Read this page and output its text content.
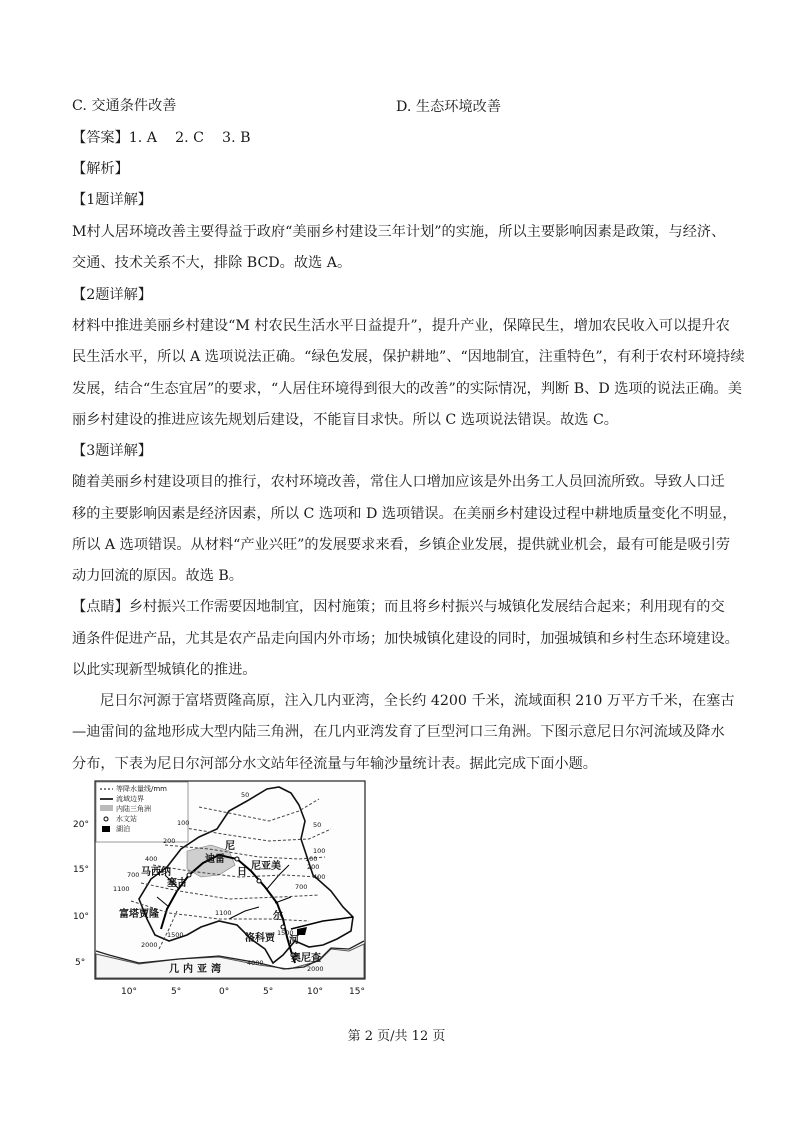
C. 交通条件改善	D. 生态环境改善
【答案】1. A    2. C    3. B
【解析】
【1题详解】
M村人居环境改善主要得益于政府“美丽乡村建设三年计划”的实施，所以主要影响因素是政策，与经济、
交通、技术关系不大，排除 BCD。故选 A。
【2题详解】
材料中推进美丽乡村建设“M 村农民生活水平日益提升”，提升产业，保障民生，增加农民收入可以提升农
民生活水平，所以 A 选项说法正确。“绿色发展，保护耕地”、“因地制宜，注重特色”，有利于农村环境持续
发展，结合“生态宜居”的要求，“人居住环境得到很大的改善”的实际情况，判断 B、D 选项的说法正确。美
丽乡村建设的推进应该先规划后建设，不能盲目求快。所以 C 选项说法错误。故选 C。
【3题详解】
随着美丽乡村建设项目的推行，农村环境改善，常住人口增加应该是外出务工人员回流所致。导致人口迁
移的主要影响因素是经济因素，所以 C 选项和 D 选项错误。在美丽乡村建设过程中耕地质量变化不明显，
所以 A 选项错误。从材料“产业兴旺”的发展要求来看，乡镇企业发展，提供就业机会，最有可能是吸引劳
动力回流的原因。故选 B。
【点睛】乡村振兴工作需要因地制宜，因村施策；而且将乡村振兴与城镇化发展结合起来；利用现有的交
通条件促进产品，尤其是农产品走向国内外市场；加快城镇化建设的同时，加强城镇和乡村生态环境建设。
以此实现新型城镇化的推进。
尼日尔河源于富塔贾隆高原，注入几内亚湾，全长约 4200 千米，流域面积 210 万平方千米，在塞古
—迪雷间的盆地形成大型内陆三角洲，在几内亚湾发育了巨型河口三角洲。下图示意尼日尔河流域及降水
分布，下表为尼日尔河部分水文站年径流量与年输沙量统计表。据此完成下面小题。
等降水量线/mm
流域边界
内陆三角洲
水文站
湖泊
20°
15°
10°
5°
10°	5°	0°	5°	10°	15°
迪雷
尼
马西纳
塞古
日
尼亚美
富塔贾隆
洛科贾
尔
河
奥尼查
几内亚湾
50
50
100
100
100
200
200
400
400
700
700
1100
1100
1500	1500
2000
2000
4000
第 2 页/共 12 页
